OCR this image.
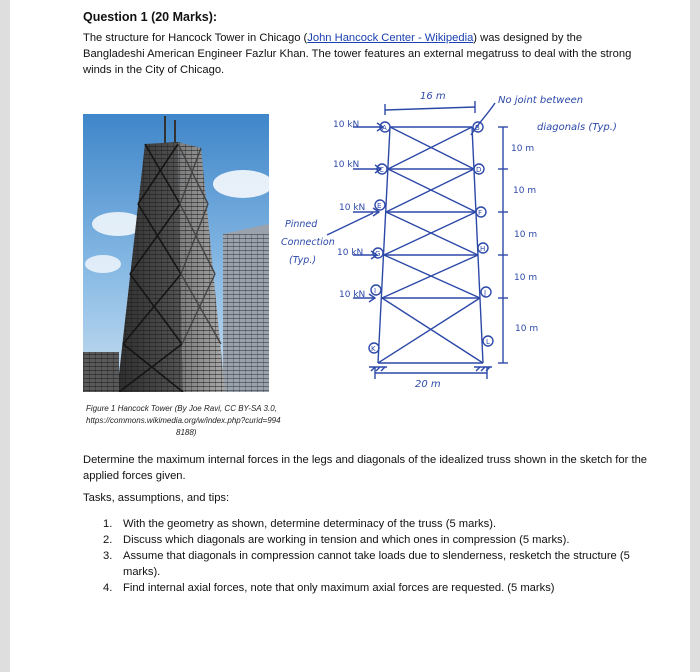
Question 1 (20 Marks):
The structure for Hancock Tower in Chicago (John Hancock Center - Wikipedia) was designed by the Bangladeshi American Engineer Fazlur Khan. The tower features an external megatruss to deal with the strong winds in the City of Chicago.
Figure 1 Hancock Tower (By Joe Ravi, CC BY-SA 3.0,
https://commons.wikimedia.org/w/index.php?curid=994
8188)
16 m
20 m
No joint between
diagonals (Typ.)
Pinned
Connection
(Typ.)
10 kN
10 kN
10 kN
10 kN
10 kN
10 m
10 m
10 m
10 m
10 m
A
C
E
G
I
K
B
D
F
H
J
L
Determine the maximum internal forces in the legs and diagonals of the idealized truss shown in the sketch for the applied forces given.
Tasks, assumptions, and tips:
1. With the geometry as shown, determine determinacy of the truss (5 marks).
2. Discuss which diagonals are working in tension and which ones in compression (5 marks).
3. Assume that diagonals in compression cannot take loads due to slenderness, resketch the structure (5 marks).
4. Find internal axial forces, note that only maximum axial forces are requested. (5 marks)
